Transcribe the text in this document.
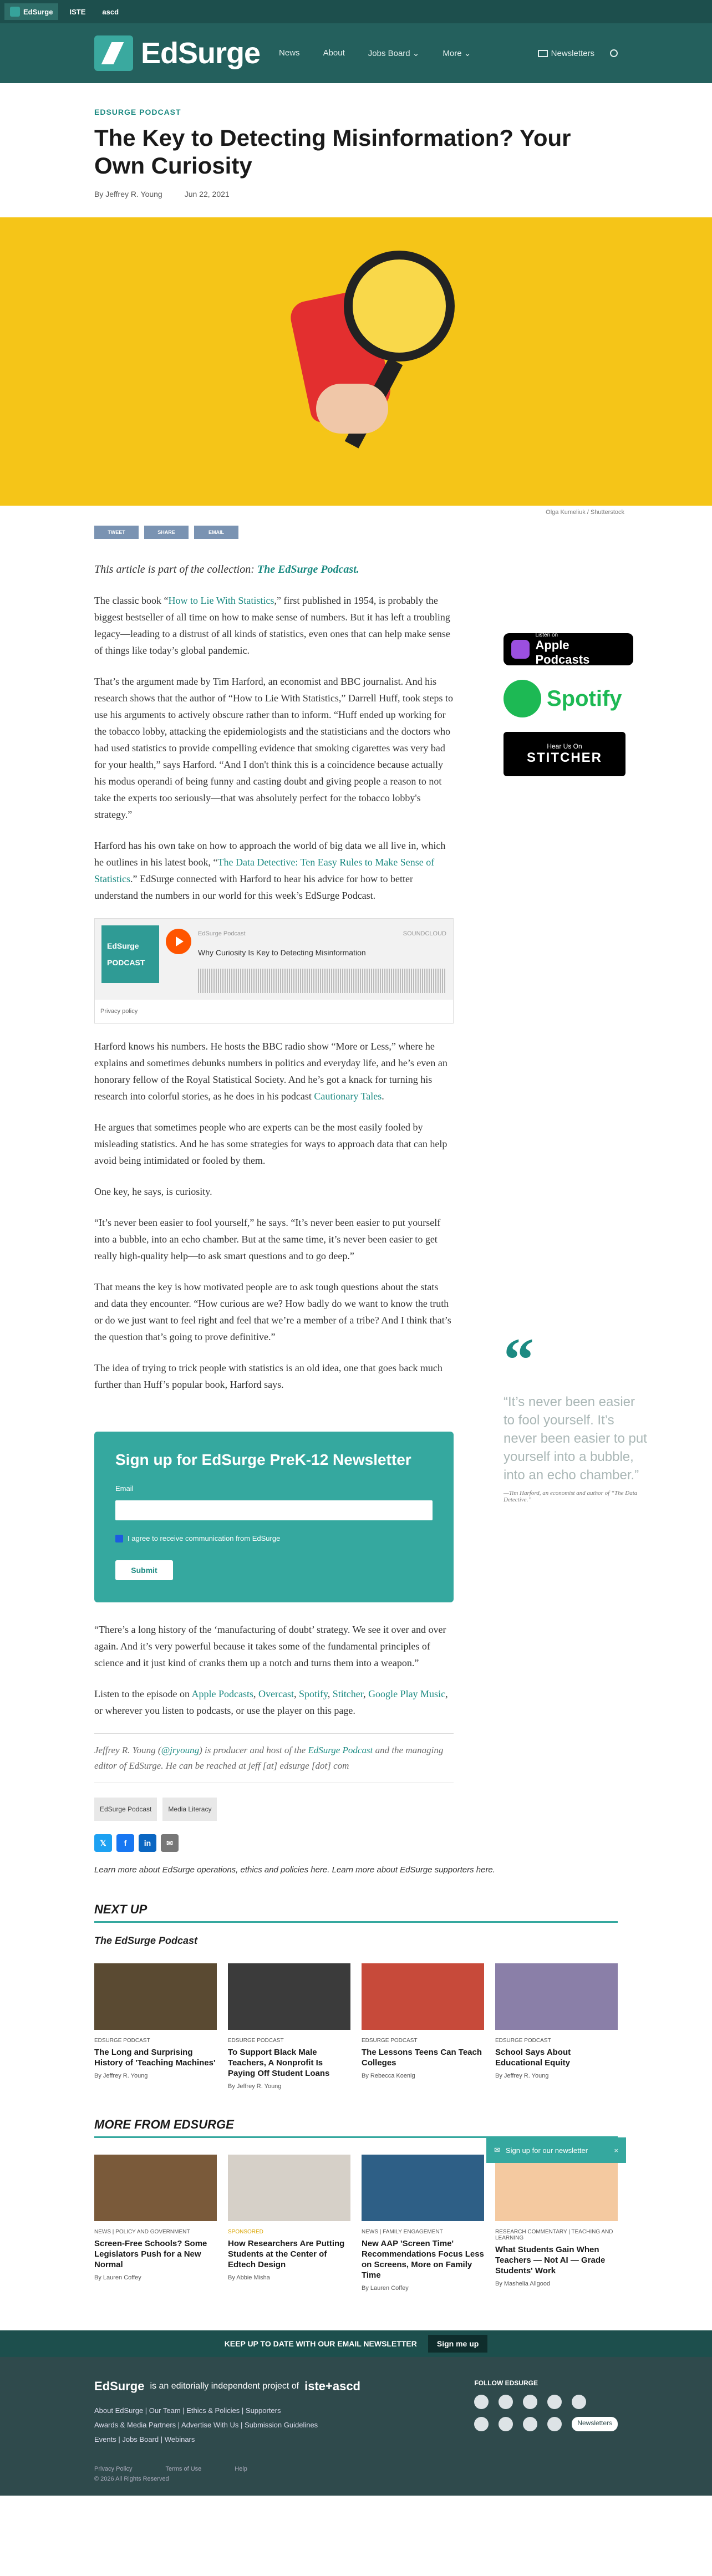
EdSurge	ISTE	ascd
EdSurge News	About	Jobs Board ⌄	More ⌄	Newsletters
EDSURGE PODCAST
The Key to Detecting Misinformation? Your Own Curiosity
By Jeffrey R. Young	Jun 22, 2021
Olga Kumeliuk / Shutterstock
TWEET	SHARE	EMAIL

This article is part of the collection: The EdSurge Podcast.

The classic book “How to Lie With Statistics,” first published in 1954, is probably the biggest bestseller of all time on how to make sense of numbers. But it has left a troubling legacy—leading to a distrust of all kinds of statistics, even ones that can help make sense of things like today’s global pandemic.

That’s the argument made by Tim Harford, an economist and BBC journalist. And his research shows that the author of “How to Lie With Statistics,” Darrell Huff, took steps to use his arguments to actively obscure rather than to inform. “Huff ended up working for the tobacco lobby, attacking the epidemiologists and the statisticians and the doctors who had used statistics to provide compelling evidence that smoking cigarettes was very bad for your health,” says Harford. “And I don't think this is a coincidence because actually his modus operandi of being funny and casting doubt and giving people a reason to not take the experts too seriously—that was absolutely perfect for the tobacco lobby's strategy.”

Harford has his own take on how to approach the world of big data we all live in, which he outlines in his latest book, “The Data Detective: Ten Easy Rules to Make Sense of Statistics.” EdSurge connected with Harford to hear his advice for how to better understand the numbers in our world for this week’s EdSurge Podcast.

EdSurge PODCAST
EdSurge Podcast	SOUNDCLOUD
Why Curiosity Is Key to Detecting Misinformation
Privacy policy

Harford knows his numbers. He hosts the BBC radio show “More or Less,” where he explains and sometimes debunks numbers in politics and everyday life, and he’s even an honorary fellow of the Royal Statistical Society. And he’s got a knack for turning his research into colorful stories, as he does in his podcast Cautionary Tales.

He argues that sometimes people who are experts can be the most easily fooled by misleading statistics. And he has some strategies for ways to approach data that can help avoid being intimidated or fooled by them.

One key, he says, is curiosity.

“It’s never been easier to fool yourself,” he says. “It’s never been easier to put yourself into a bubble, into an echo chamber. But at the same time, it’s never been easier to get really high-quality help—to ask smart questions and to go deep.”

That means the key is how motivated people are to ask tough questions about the stats and data they encounter. “How curious are we? How badly do we want to know the truth or do we just want to feel right and feel that we’re a member of a tribe? And I think that’s the question that’s going to prove definitive.”

The idea of trying to trick people with statistics is an old idea, one that goes back much further than Huff’s popular book, Harford says.

Sign up for EdSurge PreK-12 Newsletter
Email
I agree to receive communication from EdSurge
Submit

“There’s a long history of the ‘manufacturing of doubt’ strategy. We see it over and over again. And it’s very powerful because it takes some of the fundamental principles of science and it just kind of cranks them up a notch and turns them into a weapon.”

Listen to the episode on Apple Podcasts, Overcast, Spotify, Stitcher, Google Play Music, or wherever you listen to podcasts, or use the player on this page.

Jeffrey R. Young (@jryoung) is producer and host of the EdSurge Podcast and the managing editor of EdSurge. He can be reached at jeff [at] edsurge [dot] com
EdSurge Podcast	Media Literacy
𝕏	f	in	✉
Listen on
Apple Podcasts
Spotify
Hear Us On
STITCHER
“
“It’s never been easier to fool yourself. It’s never been easier to put yourself into a bubble, into an echo chamber.”
—Tim Harford, an economist and author of “The Data Detective.”
Learn more about EdSurge operations, ethics and policies here. Learn more about EdSurge supporters here.
NEXT UP
The EdSurge Podcast
EDSURGE PODCAST
The Long and Surprising History of 'Teaching Machines'
By Jeffrey R. Young
EDSURGE PODCAST
To Support Black Male Teachers, A Nonprofit Is Paying Off Student Loans
By Jeffrey R. Young
EDSURGE PODCAST
The Lessons Teens Can Teach Colleges
By Rebecca Koenig
EDSURGE PODCAST
School Says About Educational Equity
By Jeffrey R. Young
✉ Sign up for our newsletter	×
MORE FROM EDSURGE
NEWS | POLICY AND GOVERNMENT
Screen-Free Schools? Some Legislators Push for a New Normal
By Lauren Coffey
SPONSORED
How Researchers Are Putting Students at the Center of Edtech Design
By Abbie Misha
NEWS | FAMILY ENGAGEMENT
New AAP 'Screen Time' Recommendations Focus Less on Screens, More on Family Time
By Lauren Coffey
RESEARCH COMMENTARY | TEACHING AND LEARNING
What Students Gain When Teachers — Not AI — Grade Students' Work
By Mashelia Allgood
KEEP UP TO DATE WITH OUR EMAIL NEWSLETTER	Sign me up
EdSurge is an editorially independent project of iste+ascd
About EdSurge | Our Team | Ethics & Policies | Supporters
Awards & Media Partners | Advertise With Us | Submission Guidelines
Events | Jobs Board | Webinars
FOLLOW EDSURGE
Newsletters
Privacy Policy	Terms of Use	Help
© 2026 All Rights Reserved
